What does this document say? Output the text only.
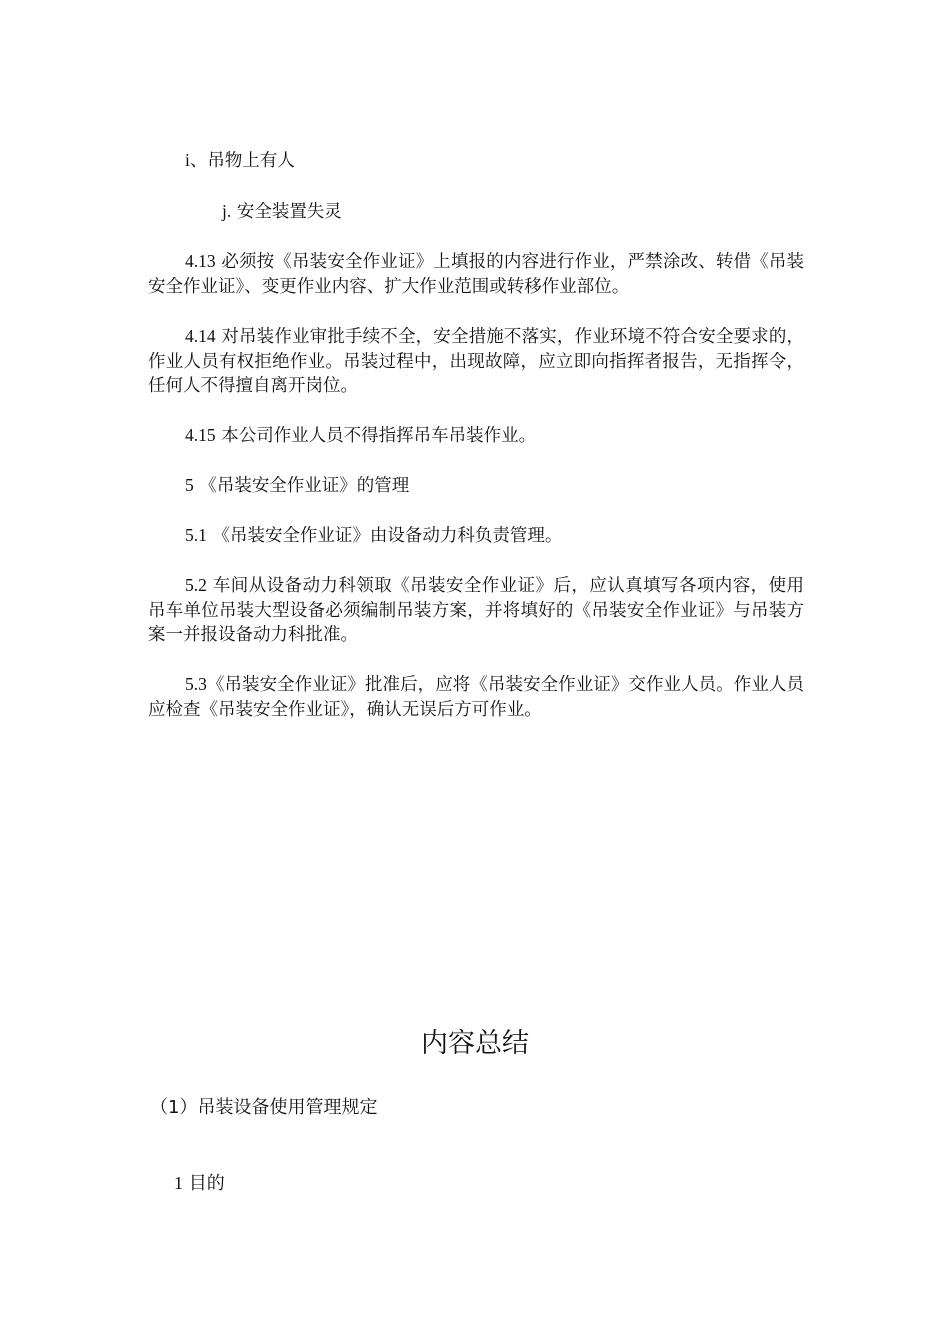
i、吊物上有人

j. 安全装置失灵

4.13 必须按《吊装安全作业证》上填报的内容进行作业，严禁涂改、转借《吊装安全作业证》、变更作业内容、扩大作业范围或转移作业部位。

4.14 对吊装作业审批手续不全，安全措施不落实，作业环境不符合安全要求的，作业人员有权拒绝作业。吊装过程中，出现故障，应立即向指挥者报告，无指挥令，任何人不得擅自离开岗位。

4.15 本公司作业人员不得指挥吊车吊装作业。

5 《吊装安全作业证》的管理

5.1 《吊装安全作业证》由设备动力科负责管理。

5.2 车间从设备动力科领取《吊装安全作业证》后，应认真填写各项内容，使用吊车单位吊装大型设备必须编制吊装方案，并将填好的《吊装安全作业证》与吊装方案一并报设备动力科批准。

5.3《吊装安全作业证》批准后，应将《吊装安全作业证》交作业人员。作业人员应检查《吊装安全作业证》，确认无误后方可作业。

内容总结

（1）吊装设备使用管理规定

1 目的
